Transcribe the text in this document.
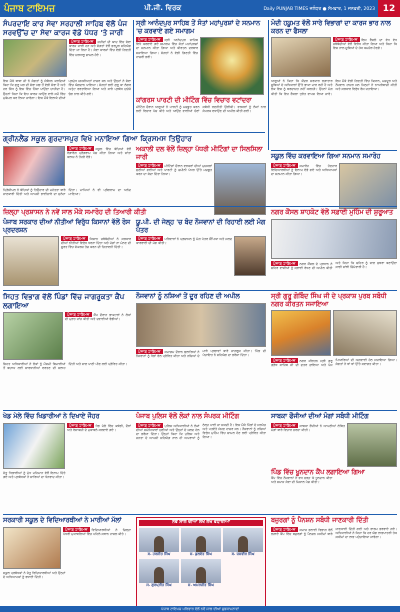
ਪੰਜਾਬ ਟਾਇਮਜ਼	ਪੀ.ਜੀ. ਵਿਰਕ	Daily PUNJAB TIMES ਜਲੰਧਰ ● ਸੋਮਵਾਰ, 1 ਜਨਵਰੀ, 2023 12
ਸੰਪਰਦਾਇ ਕਾਰ ਸੇਵਾ ਸਰਹਾਲੀ ਸਾਹਿਬ ਵੱਲੋਂ ਪੰਜ ਸਰਵਉੱਚ ਦਾ ਸੇਵਾ ਕਾਰਜ ਵੱਡੇ ਪੱਧਰ 'ਤੇ ਜਾਰੀ
ਪੰਜਾਬ ਟਾਇਮਜ਼ ਸ਼ਹੀਦਾਂ ਦੀ ਯਾਦ ਵਿੱਚ ਸੇਵਾ ਕਾਰਜ ਜਾਰੀ ਹਨ ਅਤੇ ਸੰਗਤਾਂ ਵੱਲੋਂ ਭਰਪੂਰ ਸਹਿਯੋਗ ਦਿੱਤਾ ਜਾ ਰਿਹਾ ਹੈ। ਸੇਵਾ ਕਾਰਜਾਂ ਵਿੱਚ ਵੱਡੀ ਗਿਣਤੀ ਵਿੱਚ ਸ਼ਰਧਾਲੂ ਸ਼ਾਮਲ ਹੋਏ।
ਇਸ ਮੌਕੇ ਬਾਬਾ ਜੀ ਨੇ ਸੰਗਤਾਂ ਨੂੰ ਸੰਬੋਧਨ ਕਰਦਿਆਂ ਕਿਹਾ ਕਿ ਗੁਰੂ ਘਰ ਦੀ ਸੇਵਾ ਸਭ ਤੋਂ ਵੱਡੀ ਸੇਵਾ ਹੈ ਅਤੇ ਹਰ ਸਿੱਖ ਨੂੰ ਇਸ ਵਿੱਚ ਹਿੱਸਾ ਪਾਉਣਾ ਚਾਹੀਦਾ ਹੈ। ਉਹਨਾਂ ਕਿਹਾ ਕਿ ਇਹ ਕਾਰਜ ਆਉਣ ਵਾਲੇ ਸਮੇਂ ਵਿੱਚ ਮੁਕੰਮਲ ਕਰ ਲਿਆ ਜਾਵੇਗਾ। ਇਸ ਮੌਕੇ ਇਲਾਕੇ ਦੀਆਂ ਪ੍ਰਮੁੱਖ ਸ਼ਖ਼ਸੀਅਤਾਂ ਹਾਜ਼ਰ ਸਨ ਅਤੇ ਉਨ੍ਹਾਂ ਨੇ ਸੇਵਾ ਵਿੱਚ ਯੋਗਦਾਨ ਪਾਇਆ। ਸੰਗਤਾਂ ਲਈ ਗੁਰੂ ਕਾ ਲੰਗਰ ਅਤੁੱਟ ਵਰਤਾਇਆ ਗਿਆ ਅਤੇ ਸਾਰੇ ਪ੍ਰਬੰਧ ਸੁਚੱਜੇ ਢੰਗ ਨਾਲ ਕੀਤੇ ਗਏ।
ਸ੍ਰੀ ਆਨੰਦਪੁਰ ਸਾਹਿਬ ਤੋਂ ਸੰਤਾਂ ਮਹਾਂਪੁਰਸ਼ਾਂ ਦੇ ਸਨਮਾਨ 'ਚ ਕਰਵਾਏ ਗਏ ਸਮਾਗਮ
ਪੰਜਾਬ ਟਾਇਮਜ਼ ਸ੍ਰੀ ਆਨੰਦਪੁਰ ਸਾਹਿਬ ਵਿਖੇ ਕਰਵਾਏ ਗਏ ਸਮਾਗਮ ਵਿੱਚ ਸੰਤਾਂ ਮਹਾਂਪੁਰਸ਼ਾਂ ਦਾ ਸਨਮਾਨ ਕੀਤਾ ਗਿਆ ਅਤੇ ਕੀਰਤਨ ਦਰਬਾਰ ਸਜਾਇਆ ਗਿਆ। ਸੰਗਤਾਂ ਨੇ ਵੱਡੀ ਗਿਣਤੀ ਵਿੱਚ ਹਾਜ਼ਰੀ ਭਰੀ।
ਕਾਂਗਰਸ ਪਾਰਟੀ ਦੀ ਮੀਟਿੰਗ ਵਿੱਚ ਵਿਚਾਰ ਵਟਾਂਦਰਾ
ਮੀਟਿੰਗ ਦੌਰਾਨ ਆਗੂਆਂ ਨੇ ਪਾਰਟੀ ਨੂੰ ਮਜ਼ਬੂਤ ਕਰਨ ਲਈ ਵਿਚਾਰ ਪੇਸ਼ ਕੀਤੇ ਅਤੇ ਆਉਣ ਵਾਲੀਆਂ ਚੋਣਾਂ ਸਬੰਧੀ ਰਣਨੀਤੀ ਉਲੀਕੀ। ਵਰਕਰਾਂ ਨੂੰ ਲੋਕਾਂ ਨਾਲ ਸੰਪਰਕ ਵਧਾਉਣ ਦੀ ਅਪੀਲ ਕੀਤੀ ਗਈ।
ਮੋਦੀ ਹਕੂਮਤ ਵੱਲੋਂ ਸਾਰੇ ਵਿਭਾਗਾਂ ਦਾ ਕਾਰਜ ਭਾਰ ਨਾਲ ਕਰਨ ਦਾ ਫੈਸਲਾ
ਪੰਜਾਬ ਟਾਇਮਜ਼ ਇਸ ਫੈਸਲੇ ਦਾ ਵੱਖ ਵੱਖ ਜਥੇਬੰਦੀਆਂ ਵੱਲੋਂ ਵਿਰੋਧ ਕੀਤਾ ਗਿਆ ਅਤੇ ਕਿਹਾ ਕਿ ਇਸ ਨਾਲ ਸੂਬਿਆਂ ਦੇ ਹੱਕ ਕਮਜ਼ੋਰ ਹੋਣਗੇ।
ਆਗੂਆਂ ਨੇ ਕਿਹਾ ਕਿ ਕੇਂਦਰ ਸਰਕਾਰ ਲਗਾਤਾਰ ਸੂਬਿਆਂ ਦੇ ਅਧਿਕਾਰਾਂ ਉੱਤੇ ਡਾਕਾ ਮਾਰ ਰਹੀ ਹੈ ਅਤੇ ਲੋਕ ਇਸ ਨੂੰ ਬਰਦਾਸ਼ਤ ਨਹੀਂ ਕਰਨਗੇ। ਉਹਨਾਂ ਮੰਗ ਕੀਤੀ ਕਿ ਇਹ ਫੈਸਲਾ ਤੁਰੰਤ ਵਾਪਸ ਲਿਆ ਜਾਵੇ। ਇਸ ਮੌਕੇ ਵੱਡੀ ਗਿਣਤੀ ਵਿੱਚ ਕਿਸਾਨ, ਮਜ਼ਦੂਰ ਅਤੇ ਨੌਜਵਾਨ ਹਾਜ਼ਰ ਸਨ ਜਿਨ੍ਹਾਂ ਨੇ ਨਾਅਰੇਬਾਜ਼ੀ ਕੀਤੀ ਅਤੇ ਸਰਕਾਰ ਵਿਰੁੱਧ ਰੋਸ ਜਤਾਇਆ।
ਗ੍ਰੀਨਲੈਂਡ ਸਕੂਲ ਗੁਰਦਾਸਪੁਰ ਵਿਖੇ ਮਨਾਇਆ ਗਿਆ ਕ੍ਰਿਸਮਸ ਤਿਉਹਾਰ
ਪੰਜਾਬ ਟਾਇਮਜ਼ ਸਕੂਲ ਵਿੱਚ ਬੱਚਿਆਂ ਵੱਲੋਂ ਰੰਗਾਰੰਗ ਪ੍ਰੋਗਰਾਮ ਪੇਸ਼ ਕੀਤਾ ਗਿਆ ਅਤੇ ਸਾਂਤਾ ਕਲਾਜ਼ ਨੇ ਤੋਹਫ਼ੇ ਵੰਡੇ।
ਪ੍ਰਿੰਸੀਪਲ ਨੇ ਬੱਚਿਆਂ ਨੂੰ ਤਿਉਹਾਰ ਦੀ ਮਹੱਤਤਾ ਬਾਰੇ ਜਾਣਕਾਰੀ ਦਿੱਤੀ ਅਤੇ ਆਪਸੀ ਭਾਈਚਾਰੇ ਦਾ ਸੁਨੇਹਾ ਦਿੱਤਾ। ਮਾਪਿਆਂ ਨੇ ਵੀ ਪ੍ਰੋਗਰਾਮ ਦਾ ਅਨੰਦ ਮਾਣਿਆ।
ਅਕਾਲੀ ਦਲ ਵੱਲੋਂ ਜ਼ਿਲ੍ਹਾ ਪੱਧਰੀ ਮੀਟਿੰਗਾਂ ਦਾ ਸਿਲਸਿਲਾ ਜਾਰੀ
ਪੰਜਾਬ ਟਾਇਮਜ਼ ਮੀਟਿੰਗਾਂ ਦੌਰਾਨ ਵਰਕਰਾਂ ਦੀਆਂ ਮੁਸ਼ਕਲਾਂ ਸੁਣੀਆਂ ਗਈਆਂ ਅਤੇ ਪਾਰਟੀ ਨੂੰ ਜ਼ਮੀਨੀ ਪੱਧਰ ਉੱਤੇ ਮਜ਼ਬੂਤ ਕਰਨ ਦਾ ਸੱਦਾ ਦਿੱਤਾ ਗਿਆ।
ਸਕੂਲ ਵਿੱਚ ਕਰਵਾਇਆ ਗਿਆ ਸਨਮਾਨ ਸਮਾਰੋਹ
ਪੰਜਾਬ ਟਾਇਮਜ਼ ਸਮਾਰੋਹ ਵਿੱਚ ਹੋਣਹਾਰ ਵਿਦਿਆਰਥੀਆਂ ਨੂੰ ਇਨਾਮ ਵੰਡੇ ਗਏ ਅਤੇ ਅਧਿਆਪਕਾਂ ਦਾ ਸਨਮਾਨ ਕੀਤਾ ਗਿਆ।
ਜ਼ਿਲ੍ਹਾ ਪ੍ਰਸ਼ਾਸਨ ਨੇ ਨਵੇਂ ਸਾਲ ਮੌਕੇ ਸਮਾਰੋਹ ਦੀ ਤਿਆਰੀ ਕੀਤੀ
ਪੰਜਾਬ ਸਰਕਾਰ ਦੀਆਂ ਨੀਤੀਆਂ ਵਿਰੁੱਧ ਕਿਸਾਨਾਂ ਵੱਲੋਂ ਰੋਸ ਪ੍ਰਦਰਸ਼ਨ
ਪੰਜਾਬ ਟਾਇਮਜ਼ ਕਿਸਾਨ ਜਥੇਬੰਦੀਆਂ ਨੇ ਸਰਕਾਰ ਦੀਆਂ ਨੀਤੀਆਂ ਵਿਰੁੱਧ ਧਰਨਾ ਦਿੱਤਾ ਅਤੇ ਮੰਗਾਂ ਨਾ ਮੰਨਣ ਦੀ ਸੂਰਤ ਵਿੱਚ ਸੰਘਰਸ਼ ਤੇਜ਼ ਕਰਨ ਦੀ ਚਿਤਾਵਨੀ ਦਿੱਤੀ।
ਯੂ.ਪੀ. ਦੀ ਜੇਲ੍ਹ 'ਚ ਬੰਦ ਨੌਜਵਾਨਾਂ ਦੀ ਰਿਹਾਈ ਲਈ ਮੰਗ ਪੱਤਰ
ਪੰਜਾਬ ਟਾਇਮਜ਼ ਪਰਿਵਾਰਾਂ ਨੇ ਪ੍ਰਸ਼ਾਸਨ ਨੂੰ ਮੰਗ ਪੱਤਰ ਸੌਂਪਿਆ ਅਤੇ ਜਲਦ ਕਾਰਵਾਈ ਦੀ ਮੰਗ ਕੀਤੀ।
ਨਗਰ ਕੌਂਸਲ ਸ਼ਾਹਕੋਟ ਵੱਲੋਂ ਸਫ਼ਾਈ ਮੁਹਿੰਮ ਦੀ ਸ਼ੁਰੂਆਤ
ਪੰਜਾਬ ਟਾਇਮਜ਼ ਨਗਰ ਕੌਂਸਲ ਦੇ ਪ੍ਰਧਾਨ ਨੇ ਸ਼ਹਿਰ ਵਾਸੀਆਂ ਨੂੰ ਸਫ਼ਾਈ ਰੱਖਣ ਦੀ ਅਪੀਲ ਕੀਤੀ ਅਤੇ ਕਿਹਾ ਕਿ ਸ਼ਹਿਰ ਨੂੰ ਸਾਫ਼ ਸੁਥਰਾ ਬਣਾਉਣਾ ਸਾਡੀ ਸਾਂਝੀ ਜ਼ਿੰਮੇਵਾਰੀ ਹੈ।
ਸਿਹਤ ਵਿਭਾਗ ਵੱਲੋਂ ਪਿੰਡਾਂ ਵਿੱਚ ਜਾਗਰੂਕਤਾ ਕੈਂਪ ਲਗਾਇਆ
ਪੰਜਾਬ ਟਾਇਮਜ਼ ਕੈਂਪ ਦੌਰਾਨ ਡਾਕਟਰਾਂ ਨੇ ਲੋਕਾਂ ਦੀ ਮੁਫ਼ਤ ਜਾਂਚ ਕੀਤੀ ਅਤੇ ਦਵਾਈਆਂ ਵੰਡੀਆਂ।
ਸਿਹਤ ਅਧਿਕਾਰੀਆਂ ਨੇ ਲੋਕਾਂ ਨੂੰ ਮੌਸਮੀ ਬਿਮਾਰੀਆਂ ਤੋਂ ਬਚਾਅ ਲਈ ਸਾਵਧਾਨੀਆਂ ਵਰਤਣ ਦੀ ਸਲਾਹ ਦਿੱਤੀ ਅਤੇ ਸਾਫ਼ ਪਾਣੀ ਪੀਣ ਲਈ ਪ੍ਰੇਰਿਤ ਕੀਤਾ।
ਨੌਜਵਾਨਾਂ ਨੂੰ ਨਸ਼ਿਆਂ ਤੋਂ ਦੂਰ ਰਹਿਣ ਦੀ ਅਪੀਲ
ਪੰਜਾਬ ਟਾਇਮਜ਼ ਸਮਾਗਮ ਦੌਰਾਨ ਬੁਲਾਰਿਆਂ ਨੇ ਨੌਜਵਾਨਾਂ ਨੂੰ ਖੇਡਾਂ ਵੱਲ ਪ੍ਰੇਰਿਤ ਕੀਤਾ ਅਤੇ ਨਸ਼ਿਆਂ ਦੇ ਮਾੜੇ ਪ੍ਰਭਾਵਾਂ ਬਾਰੇ ਜਾਗਰੂਕ ਕੀਤਾ। ਪਿੰਡ ਦੀ ਪੰਚਾਇਤ ਨੇ ਸਹਿਯੋਗ ਦਾ ਭਰੋਸਾ ਦਿੱਤਾ।
ਸ੍ਰੀ ਗੁਰੂ ਗੋਬਿੰਦ ਸਿੰਘ ਜੀ ਦੇ ਪ੍ਰਕਾਸ਼ ਪੁਰਬ ਸਬੰਧੀ ਨਗਰ ਕੀਰਤਨ ਸਜਾਇਆ
ਪੰਜਾਬ ਟਾਇਮਜ਼ ਨਗਰ ਕੀਰਤਨ ਸ੍ਰੀ ਗੁਰੂ ਗ੍ਰੰਥ ਸਾਹਿਬ ਜੀ ਦੀ ਛਤਰ ਛਾਇਆ ਅਤੇ ਪੰਜ ਪਿਆਰਿਆਂ ਦੀ ਅਗਵਾਈ ਹੇਠ ਸਜਾਇਆ ਗਿਆ। ਸੰਗਤਾਂ ਨੇ ਥਾਂ ਥਾਂ ਉੱਤੇ ਸਵਾਗਤ ਕੀਤਾ।
ਖੇਡ ਮੇਲੇ ਵਿੱਚ ਖਿਡਾਰੀਆਂ ਨੇ ਦਿਖਾਏ ਜੌਹਰ
ਪੰਜਾਬ ਟਾਇਮਜ਼ ਖੇਡ ਮੇਲੇ ਵਿੱਚ ਕਬੱਡੀ, ਦੌੜਾਂ ਅਤੇ ਰੱਸਾਕਸ਼ੀ ਦੇ ਮੁਕਾਬਲੇ ਕਰਵਾਏ ਗਏ।
ਜੇਤੂ ਖਿਡਾਰੀਆਂ ਨੂੰ ਮੁੱਖ ਮਹਿਮਾਨ ਵੱਲੋਂ ਇਨਾਮ ਦਿੱਤੇ ਗਏ ਅਤੇ ਪ੍ਰਬੰਧਕਾਂ ਨੇ ਸਾਰਿਆਂ ਦਾ ਧੰਨਵਾਦ ਕੀਤਾ।
ਪੰਜਾਬ ਪੁਲਿਸ ਵੱਲੋਂ ਲੋਕਾਂ ਨਾਲ ਸੰਪਰਕ ਮੀਟਿੰਗ
ਪੰਜਾਬ ਟਾਇਮਜ਼ ਪੁਲਿਸ ਅਧਿਕਾਰੀਆਂ ਨੇ ਲੋਕਾਂ ਦੀਆਂ ਸਮੱਸਿਆਵਾਂ ਸੁਣੀਆਂ ਅਤੇ ਉਨ੍ਹਾਂ ਦੇ ਜਲਦ ਹੱਲ ਦਾ ਭਰੋਸਾ ਦਿੱਤਾ। ਉਨ੍ਹਾਂ ਕਿਹਾ ਕਿ ਪੁਲਿਸ ਅਤੇ ਜਨਤਾ ਦੇ ਆਪਸੀ ਸਹਿਯੋਗ ਨਾਲ ਹੀ ਅਪਰਾਧਾਂ ਨੂੰ ਠੱਲ੍ਹ ਪਾਈ ਜਾ ਸਕਦੀ ਹੈ। ਇਸ ਮੌਕੇ ਪਿੰਡਾਂ ਦੇ ਸਰਪੰਚ ਅਤੇ ਪਤਵੰਤੇ ਸੱਜਣ ਹਾਜ਼ਰ ਸਨ। ਨੌਜਵਾਨਾਂ ਨੂੰ ਨਸ਼ਿਆਂ ਵਿਰੁੱਧ ਮੁਹਿੰਮ ਵਿੱਚ ਸ਼ਾਮਲ ਹੋਣ ਲਈ ਪ੍ਰੇਰਿਤ ਕੀਤਾ ਗਿਆ।
ਸਾਬਕਾ ਫੌਜੀਆਂ ਦੀਆਂ ਮੰਗਾਂ ਸਬੰਧੀ ਮੀਟਿੰਗ
ਪੰਜਾਬ ਟਾਇਮਜ਼ ਸਾਬਕਾ ਫੌਜੀਆਂ ਨੇ ਆਪਣੀਆਂ ਲੰਬਿਤ ਮੰਗਾਂ ਬਾਰੇ ਵਿਚਾਰ ਚਰਚਾ ਕੀਤੀ।
ਪਿੰਡ ਵਿੱਚ ਖੂਨਦਾਨ ਕੈਂਪ ਲਗਾਇਆ ਗਿਆ
ਕੈਂਪ ਵਿੱਚ ਨੌਜਵਾਨਾਂ ਨੇ ਵਧ ਚੜ੍ਹ ਕੇ ਖੂਨਦਾਨ ਕੀਤਾ ਅਤੇ ਸਮਾਜ ਸੇਵਾ ਦੀ ਮਿਸਾਲ ਪੇਸ਼ ਕੀਤੀ।
ਸਰਕਾਰੀ ਸਕੂਲ ਦੇ ਵਿਦਿਆਰਥੀਆਂ ਨੇ ਮਾਰੀਆਂ ਮੱਲਾਂ
ਪੰਜਾਬ ਟਾਇਮਜ਼ ਵਿਦਿਆਰਥੀਆਂ ਨੇ ਜ਼ਿਲ੍ਹਾ ਪੱਧਰੀ ਮੁਕਾਬਲਿਆਂ ਵਿੱਚ ਪਹਿਲੇ ਸਥਾਨ ਹਾਸਲ ਕੀਤੇ।
ਸਕੂਲ ਪ੍ਰਬੰਧਕਾਂ ਨੇ ਜੇਤੂ ਵਿਦਿਆਰਥੀਆਂ ਅਤੇ ਉਨ੍ਹਾਂ ਦੇ ਅਧਿਆਪਕਾਂ ਨੂੰ ਵਧਾਈ ਦਿੱਤੀ।
ਨਵੇਂ ਸਾਲ ਦੀਆਂ ਲੱਖ ਲੱਖ ਵਧਾਈਆਂ
ਸ. ਹਰਜੀਤ ਸਿੰਘ	ਸ. ਕੁਲਵੰਤ ਸਿੰਘ	ਸ. ਜਸਵੀਰ ਸਿੰਘ
ਸ. ਗੁਰਪ੍ਰੀਤ ਸਿੰਘ	ਸ. ਅਮਰਜੀਤ ਸਿੰਘ
ਬਜ਼ੁਰਗਾਂ ਨੂੰ ਪੈਨਸ਼ਨ ਸਬੰਧੀ ਜਾਣਕਾਰੀ ਦਿੱਤੀ
ਪੰਜਾਬ ਟਾਇਮਜ਼ ਸਮਾਜ ਭਲਾਈ ਵਿਭਾਗ ਵੱਲੋਂ ਲਗਾਏ ਕੈਂਪ ਵਿੱਚ ਬਜ਼ੁਰਗਾਂ ਨੂੰ ਪੈਨਸ਼ਨ ਸਕੀਮਾਂ ਬਾਰੇ ਜਾਣਕਾਰੀ ਦਿੱਤੀ ਗਈ ਅਤੇ ਫਾਰਮ ਭਰਵਾਏ ਗਏ। ਅਧਿਕਾਰੀਆਂ ਨੇ ਕਿਹਾ ਕਿ ਹਰ ਯੋਗ ਲਾਭਪਾਤਰੀ ਤੱਕ ਸਕੀਮਾਂ ਦਾ ਲਾਭ ਪਹੁੰਚਾਇਆ ਜਾਵੇਗਾ।
ਪੰਜਾਬ ਟਾਇਮਜ਼ ਪਰਿਵਾਰ ਵੱਲੋਂ ਨਵੇਂ ਸਾਲ ਦੀਆਂ ਸ਼ੁਭਕਾਮਨਾਵਾਂ
